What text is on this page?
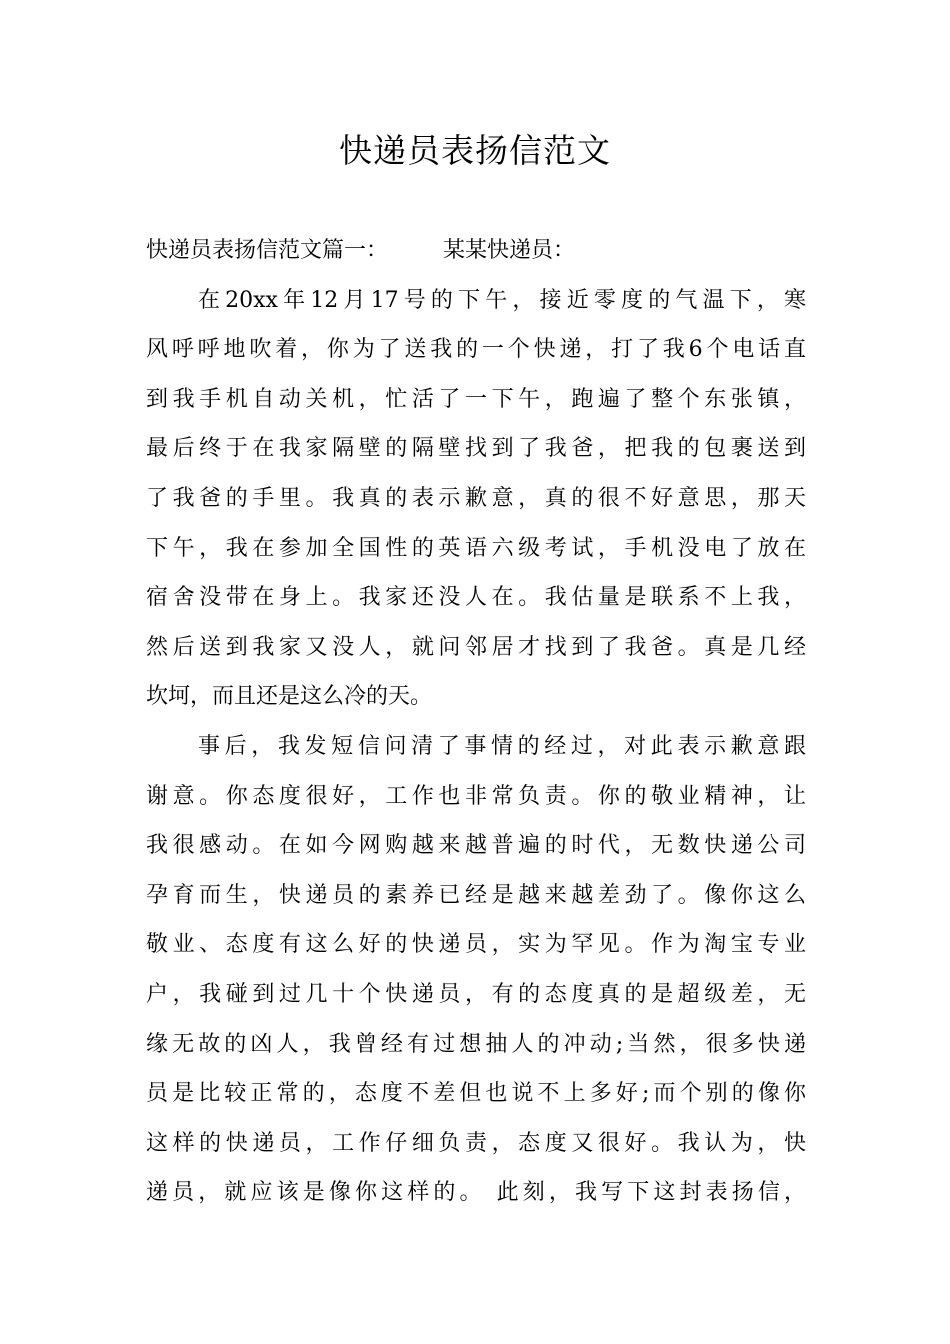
快递员表扬信范文
快递员表扬信范文篇一：　　　某某快递员：
在20xx年12月17号的下午，接近零度的气温下，寒
风呼呼地吹着，你为了送我的一个快递，打了我6个电话直
到我手机自动关机，忙活了一下午，跑遍了整个东张镇，
最后终于在我家隔壁的隔壁找到了我爸，把我的包裹送到
了我爸的手里。我真的表示歉意，真的很不好意思，那天
下午，我在参加全国性的英语六级考试，手机没电了放在
宿舍没带在身上。我家还没人在。我估量是联系不上我，
然后送到我家又没人，就问邻居才找到了我爸。真是几经
坎坷，而且还是这么冷的天。
事后，我发短信问清了事情的经过，对此表示歉意跟
谢意。你态度很好，工作也非常负责。你的敬业精神，让
我很感动。在如今网购越来越普遍的时代，无数快递公司
孕育而生，快递员的素养已经是越来越差劲了。像你这么
敬业、态度有这么好的快递员，实为罕见。作为淘宝专业
户，我碰到过几十个快递员，有的态度真的是超级差，无
缘无故的凶人，我曾经有过想抽人的冲动;当然，很多快递
员是比较正常的，态度不差但也说不上多好;而个别的像你
这样的快递员，工作仔细负责，态度又很好。我认为，快
递员，就应该是像你这样的。 此刻，我写下这封表扬信，
